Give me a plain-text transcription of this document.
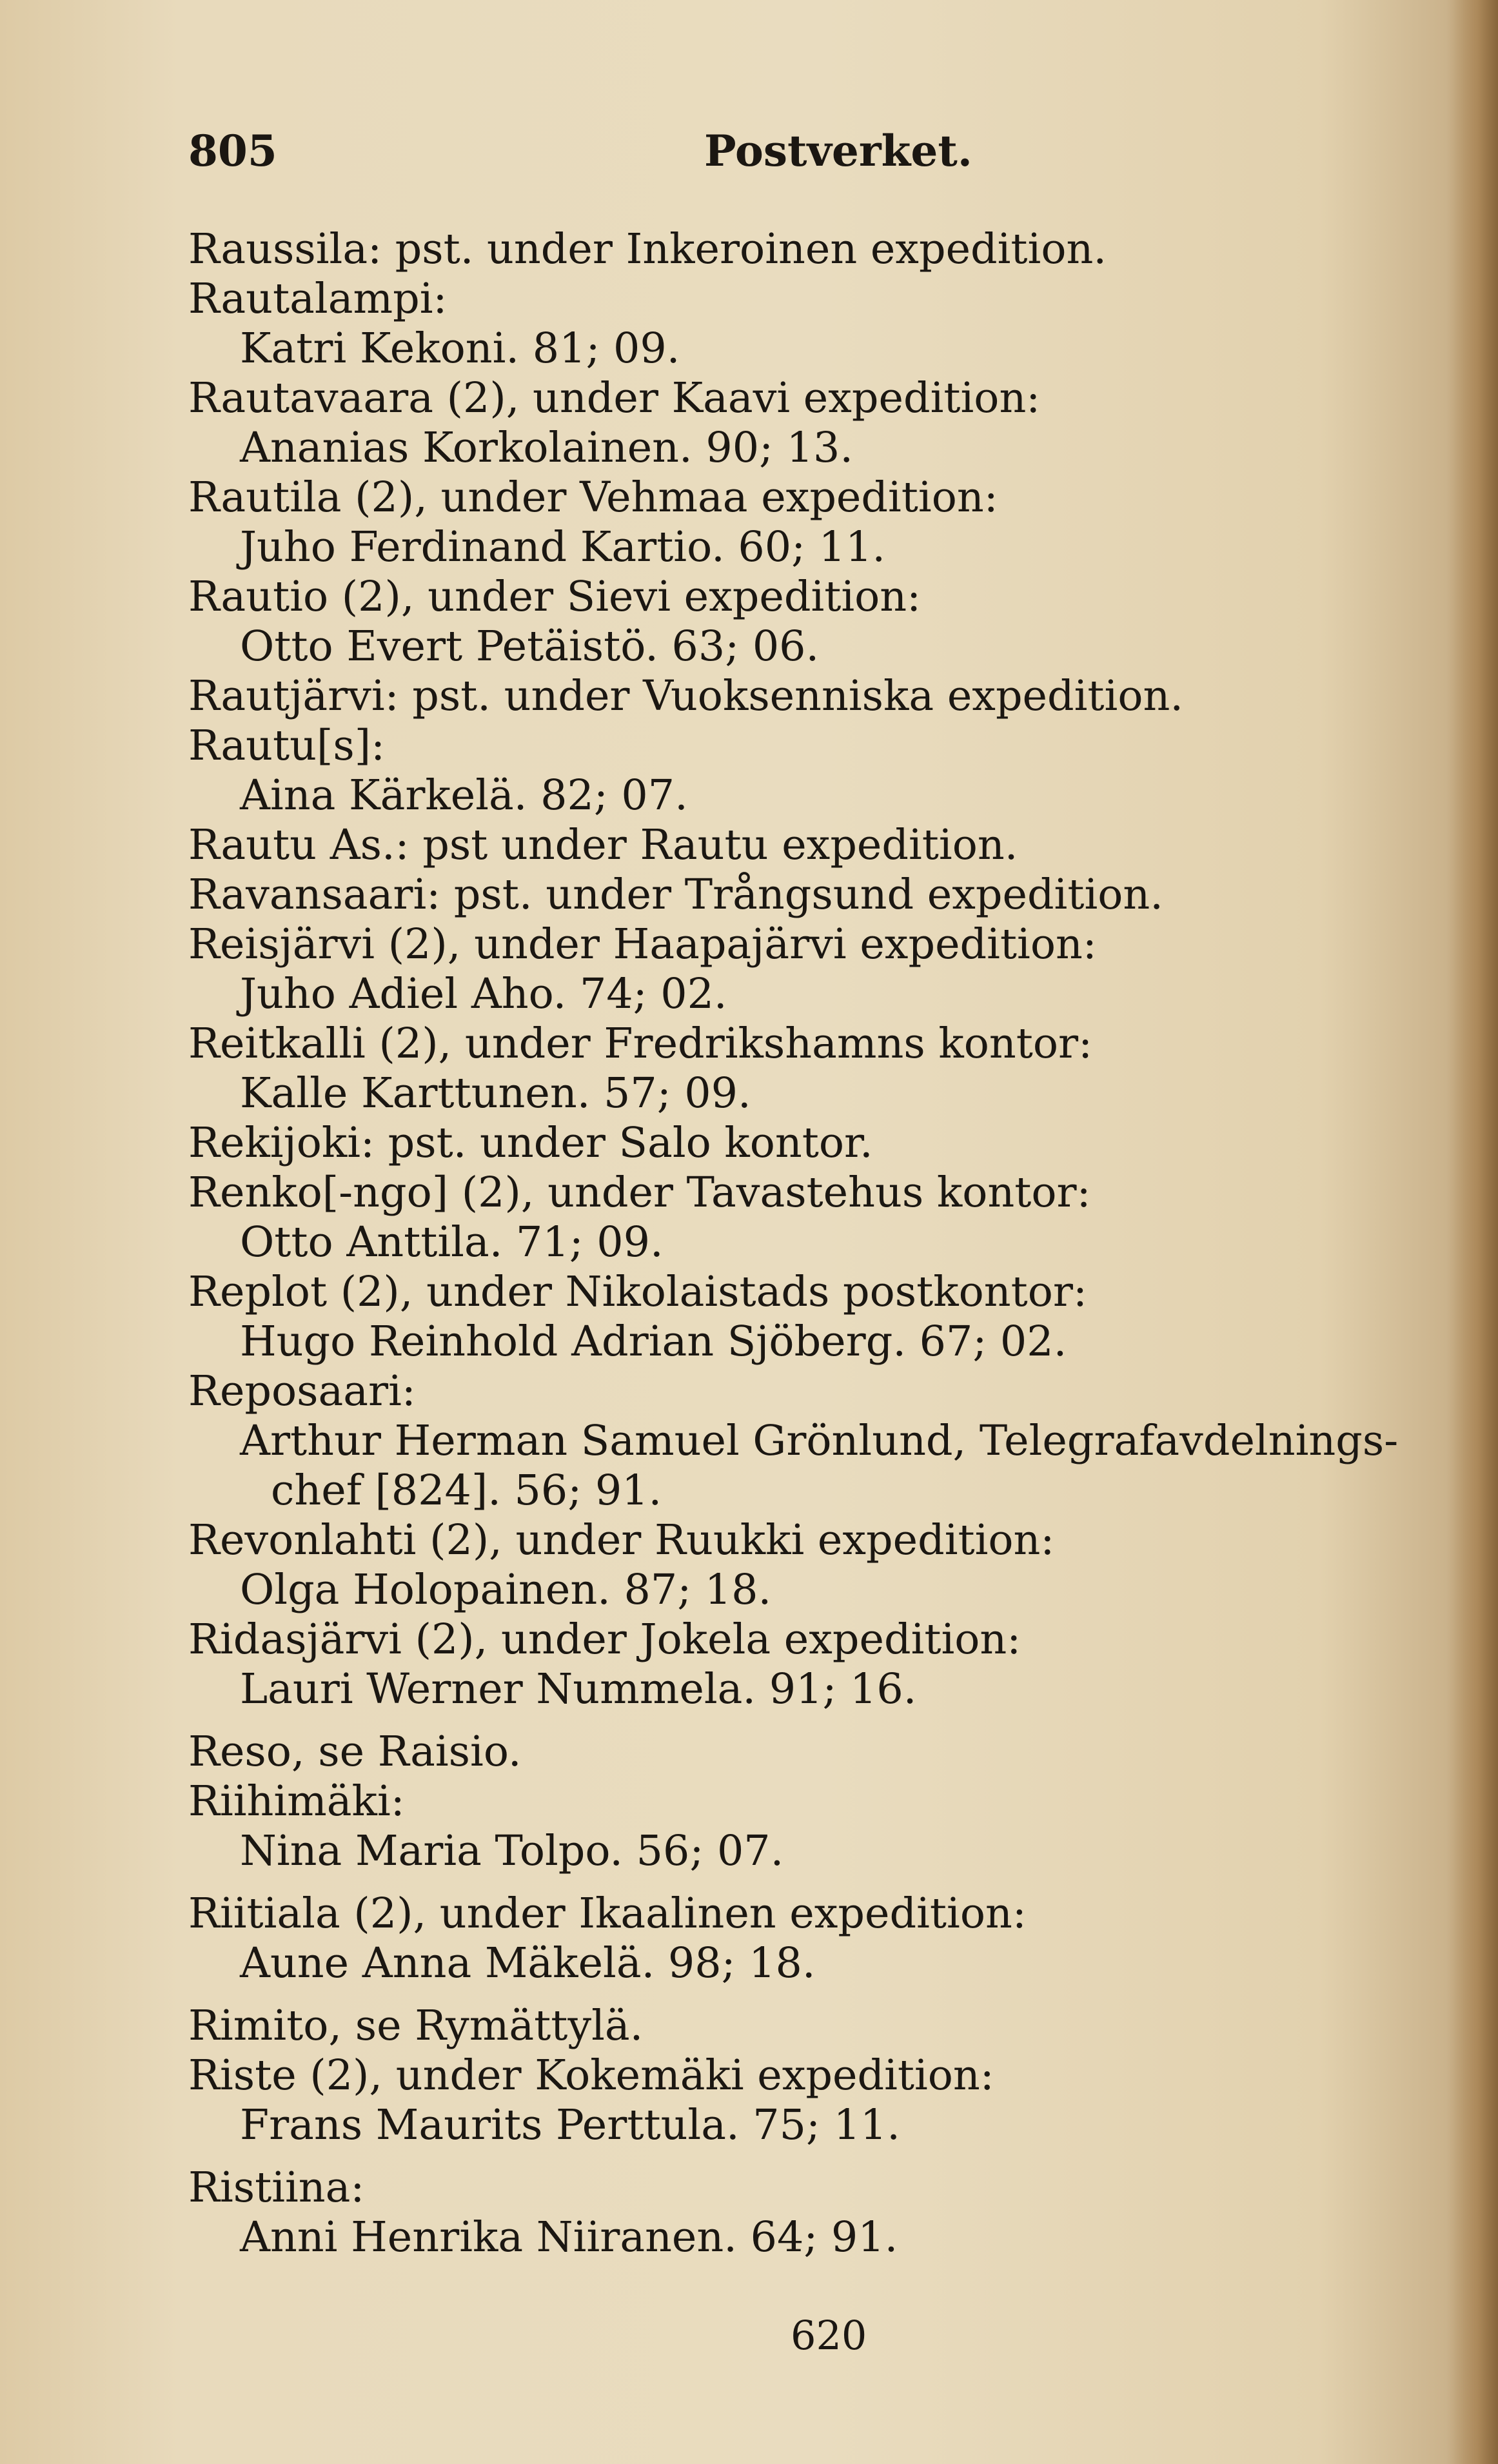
805	Postverket.
Raussila: pst. under Inkeroinen expedition.
Rautalampi:
Katri Kekoni. 81; 09.
Rautavaara (2), under Kaavi expedition:
Ananias Korkolainen. 90; 13.
Rautila (2), under Vehmaa expedition:
Juho Ferdinand Kartio. 60; 11.
Rautio (2), under Sievi expedition:
Otto Evert Petäistö. 63; 06.
Rautjärvi: pst. under Vuoksenniska expedition.
Rautu[s]:
Aina Kärkelä. 82; 07.
Rautu As.: pst under Rautu expedition.
Ravansaari: pst. under Trångsund expedition.
Reisjärvi (2), under Haapajärvi expedition:
Juho Adiel Aho. 74; 02.
Reitkalli (2), under Fredrikshamns kontor:
Kalle Karttunen. 57; 09.
Rekijoki: pst. under Salo kontor.
Renko[-ngo] (2), under Tavastehus kontor:
Otto Anttila. 71; 09.
Replot (2), under Nikolaistads postkontor:
Hugo Reinhold Adrian Sjöberg. 67; 02.
Reposaari:
Arthur Herman Samuel Grönlund, Telegrafavdelnings-
chef [824]. 56; 91.
Revonlahti (2), under Ruukki expedition:
Olga Holopainen. 87; 18.
Ridasjärvi (2), under Jokela expedition:
Lauri Werner Nummela. 91; 16.
Reso, se Raisio.
Riihimäki:
Nina Maria Tolpo. 56; 07.
Riitiala (2), under Ikaalinen expedition:
Aune Anna Mäkelä. 98; 18.
Rimito, se Rymättylä.
Riste (2), under Kokemäki expedition:
Frans Maurits Perttula. 75; 11.
Ristiina:
Anni Henrika Niiranen. 64; 91.
620
